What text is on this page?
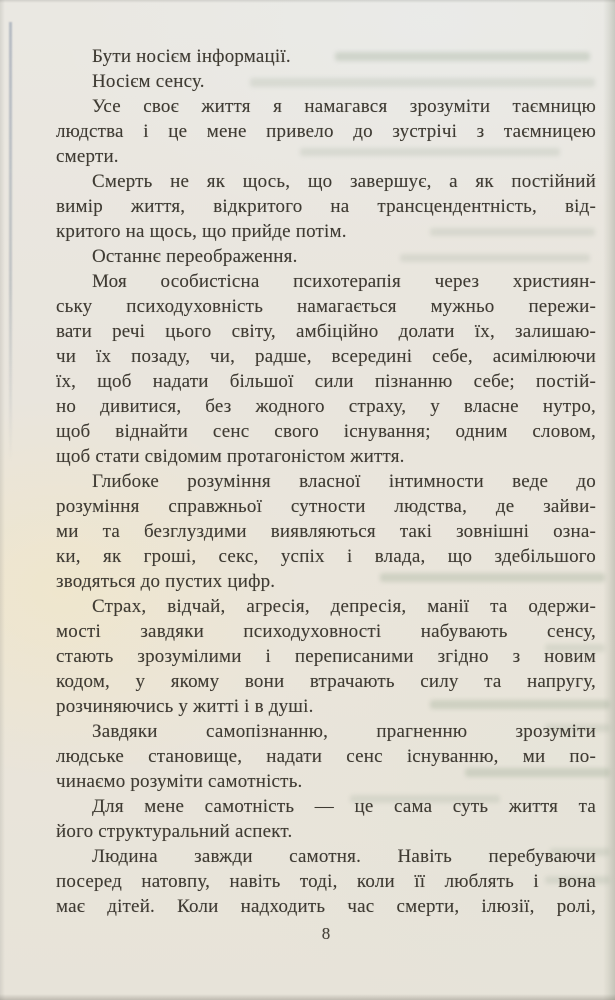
Бути носієм інформації.
Носієм сенсу.
Усе своє життя я намагався зрозуміти таємницю
людства і це мене привело до зустрічі з таємницею
смерти.
Смерть не як щось, що завершує, а як постійний
вимір життя, відкритого на трансцендентність, від-
критого на щось, що прийде потім.
Останнє переображення.
Моя особистісна психотерапія через християн-
ську психодуховність намагається мужньо пережи-
вати речі цього світу, амбіційно долати їх, залишаю-
чи їх позаду, чи, радше, всередині себе, асимілюючи
їх, щоб надати більшої сили пізнанню себе; постій-
но дивитися, без жодного страху, у власне нутро,
щоб віднайти сенс свого існування; одним словом,
щоб стати свідомим протагоністом життя.
Глибоке розуміння власної інтимности веде до
розуміння справжньої сутности людства, де зайви-
ми та безглуздими виявляються такі зовнішні озна-
ки, як гроші, секс, успіх і влада, що здебільшого
зводяться до пустих цифр.
Страх, відчай, агресія, депресія, манії та одержи-
мості завдяки психодуховності набувають сенсу,
стають зрозумілими і переписаними згідно з новим
кодом, у якому вони втрачають силу та напругу,
розчиняючись у житті і в душі.
Завдяки самопізнанню, прагненню зрозуміти
людське становище, надати сенс існуванню, ми по-
чинаємо розуміти самотність.
Для мене самотність — це сама суть життя та
його структуральний аспект.
Людина завжди самотня. Навіть перебуваючи
посеред натовпу, навіть тоді, коли її люблять і вона
має дітей. Коли надходить час смерти, ілюзії, ролі,
8
